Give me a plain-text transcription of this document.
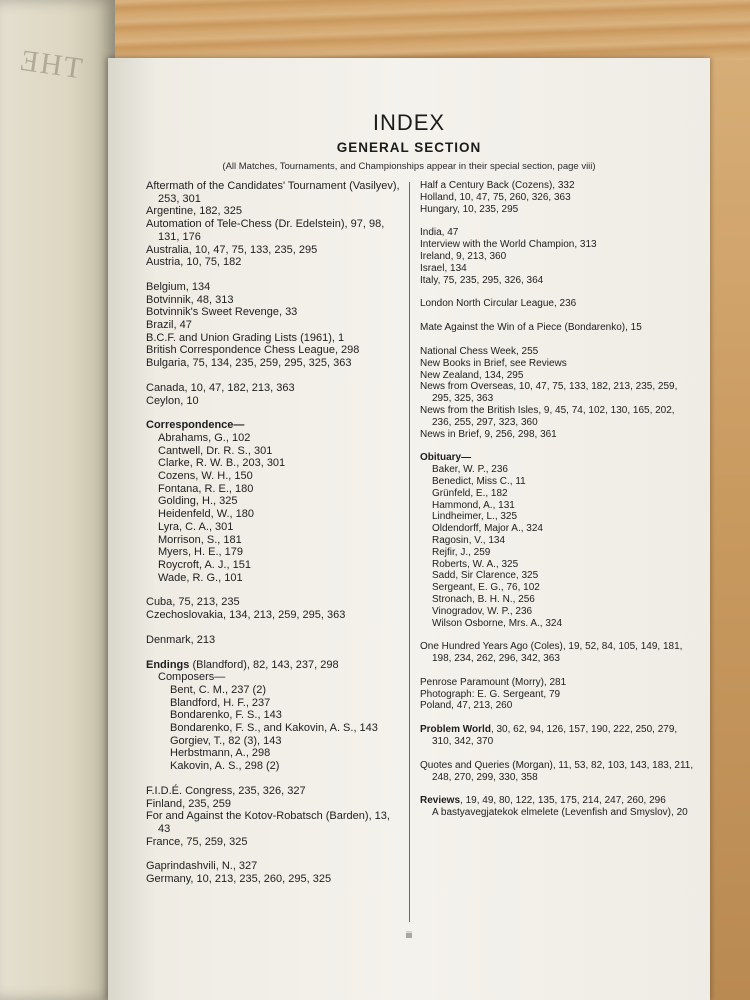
THE
INDEX
GENERAL SECTION
(All Matches, Tournaments, and Championships appear in their special section, page viii)
Aftermath of the Candidates' Tournament (Vasilyev), 253, 301
Argentine, 182, 325
Automation of Tele-Chess (Dr. Edelstein), 97, 98, 131, 176
Australia, 10, 47, 75, 133, 235, 295
Austria, 10, 75, 182
Belgium, 134
Botvinnik, 48, 313
Botvinnik's Sweet Revenge, 33
Brazil, 47
B.C.F. and Union Grading Lists (1961), 1
British Correspondence Chess League, 298
Bulgaria, 75, 134, 235, 259, 295, 325, 363
Canada, 10, 47, 182, 213, 363
Ceylon, 10
Correspondence—
Abrahams, G., 102
Cantwell, Dr. R. S., 301
Clarke, R. W. B., 203, 301
Cozens, W. H., 150
Fontana, R. E., 180
Golding, H., 325
Heidenfeld, W., 180
Lyra, C. A., 301
Morrison, S., 181
Myers, H. E., 179
Roycroft, A. J., 151
Wade, R. G., 101
Cuba, 75, 213, 235
Czechoslovakia, 134, 213, 259, 295, 363
Denmark, 213
Endings (Blandford), 82, 143, 237, 298
Composers—
Bent, C. M., 237 (2)
Blandford, H. F., 237
Bondarenko, F. S., 143
Bondarenko, F. S., and Kakovin, A. S., 143
Gorgiev, T., 82 (3), 143
Herbstmann, A., 298
Kakovin, A. S., 298 (2)
F.I.D.É. Congress, 235, 326, 327
Finland, 235, 259
For and Against the Kotov-Robatsch (Barden), 13, 43
France, 75, 259, 325
Gaprindashvili, N., 327
Germany, 10, 213, 235, 260, 295, 325
Half a Century Back (Cozens), 332
Holland, 10, 47, 75, 260, 326, 363
Hungary, 10, 235, 295
India, 47
Interview with the World Champion, 313
Ireland, 9, 213, 360
Israel, 134
Italy, 75, 235, 295, 326, 364
London North Circular League, 236
Mate Against the Win of a Piece (Bondarenko), 15
National Chess Week, 255
New Books in Brief, see Reviews
New Zealand, 134, 295
News from Overseas, 10, 47, 75, 133, 182, 213, 235, 259, 295, 325, 363
News from the British Isles, 9, 45, 74, 102, 130, 165, 202, 236, 255, 297, 323, 360
News in Brief, 9, 256, 298, 361
Obituary—
Baker, W. P., 236
Benedict, Miss C., 11
Grünfeld, E., 182
Hammond, A., 131
Lindheimer, L., 325
Oldendorff, Major A., 324
Ragosin, V., 134
Rejfir, J., 259
Roberts, W. A., 325
Sadd, Sir Clarence, 325
Sergeant, E. G., 76, 102
Stronach, B. H. N., 256
Vinogradov, W. P., 236
Wilson Osborne, Mrs. A., 324
One Hundred Years Ago (Coles), 19, 52, 84, 105, 149, 181, 198, 234, 262, 296, 342, 363
Penrose Paramount (Morry), 281
Photograph: E. G. Sergeant, 79
Poland, 47, 213, 260
Problem World, 30, 62, 94, 126, 157, 190, 222, 250, 279, 310, 342, 370
Quotes and Queries (Morgan), 11, 53, 82, 103, 143, 183, 211, 248, 270, 299, 330, 358
Reviews, 19, 49, 80, 122, 135, 175, 214, 247, 260, 296
A bastyavegjatekok elmelete (Levenfish and Smyslov), 20
iii
